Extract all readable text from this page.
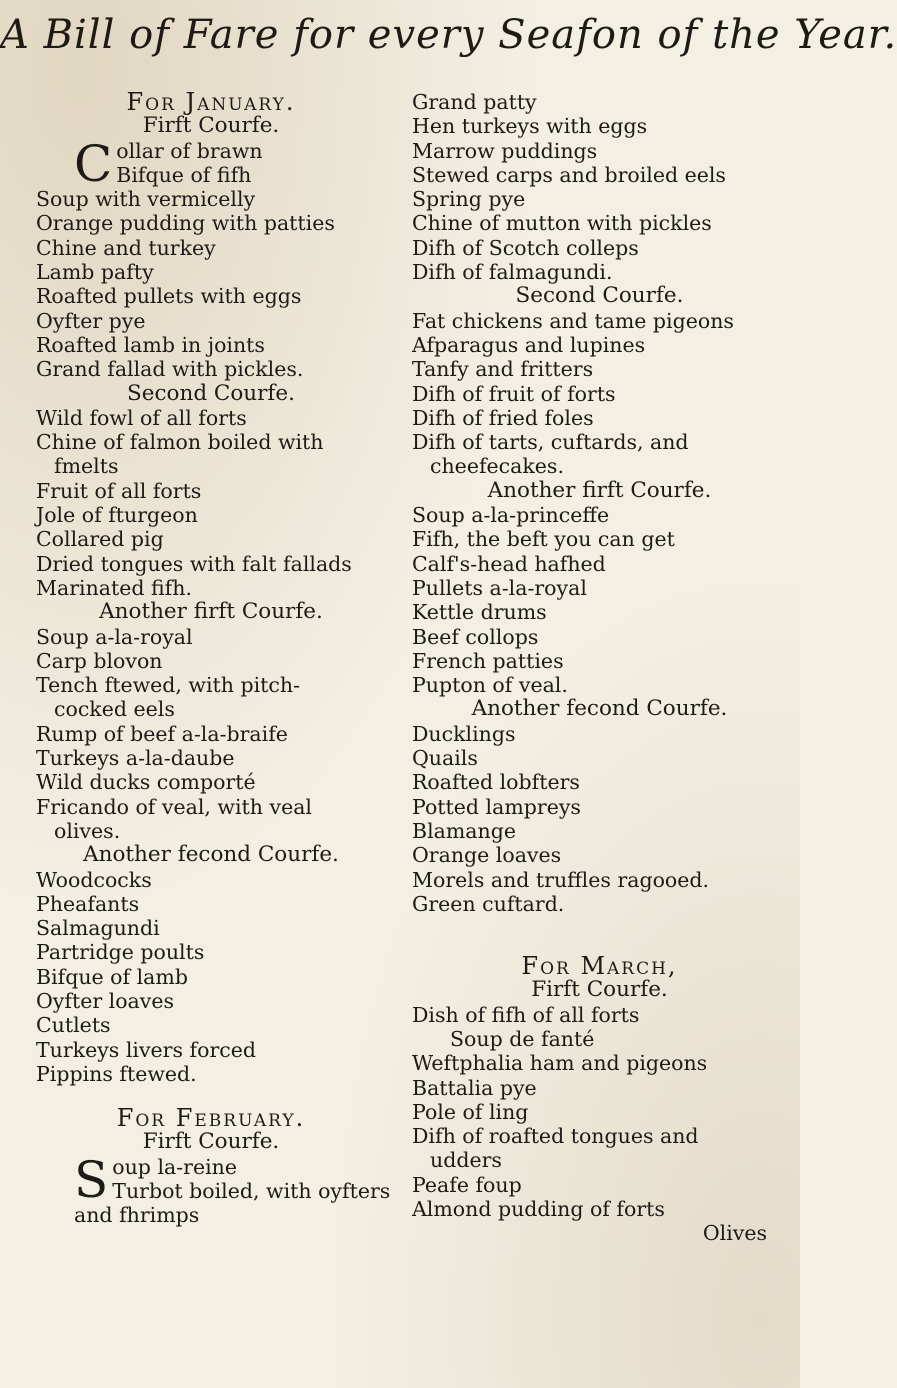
A Bill of Fare for every Seafon of the Year.
For January.
Firft Courfe.
Collar of brawn
Bifque of fifh
Soup with vermicelly
Orange pudding with patties
Chine and turkey
Lamb pafty
Roafted pullets with eggs
Oyfter pye
Roafted lamb in joints
Grand fallad with pickles.
Second Courfe.
Wild fowl of all forts
Chine of falmon boiled with
fmelts
Fruit of all forts
Jole of fturgeon
Collared pig
Dried tongues with falt fallads
Marinated fifh.
Another firft Courfe.
Soup a-la-royal
Carp blovon
Tench ftewed, with pitch-
cocked eels
Rump of beef a-la-braife
Turkeys a-la-daube
Wild ducks comporté
Fricando of veal, with veal
olives.
Another fecond Courfe.
Woodcocks
Pheafants
Salmagundi
Partridge poults
Bifque of lamb
Oyfter loaves
Cutlets
Turkeys livers forced
Pippins ftewed.
For February.
Firft Courfe.
Soup la-reine
Turbot boiled, with oyfters
and fhrimps
Grand patty
Hen turkeys with eggs
Marrow puddings
Stewed carps and broiled eels
Spring pye
Chine of mutton with pickles
Difh of Scotch colleps
Difh of falmagundi.
Second Courfe.
Fat chickens and tame pigeons
Afparagus and lupines
Tanfy and fritters
Difh of fruit of forts
Difh of fried foles
Difh of tarts, cuftards, and
cheefecakes.
Another firft Courfe.
Soup a-la-princeffe
Fifh, the beft you can get
Calf's-head hafhed
Pullets a-la-royal
Kettle drums
Beef collops
French patties
Pupton of veal.
Another fecond Courfe.
Ducklings
Quails
Roafted lobfters
Potted lampreys
Blamange
Orange loaves
Morels and truffles ragooed.
Green cuftard.
For March,
Firft Courfe.
Dish of fifh of all forts
Soup de fanté
Weftphalia ham and pigeons
Battalia pye
Pole of ling
Difh of roafted tongues and
udders
Peafe foup
Almond pudding of forts
Olives
